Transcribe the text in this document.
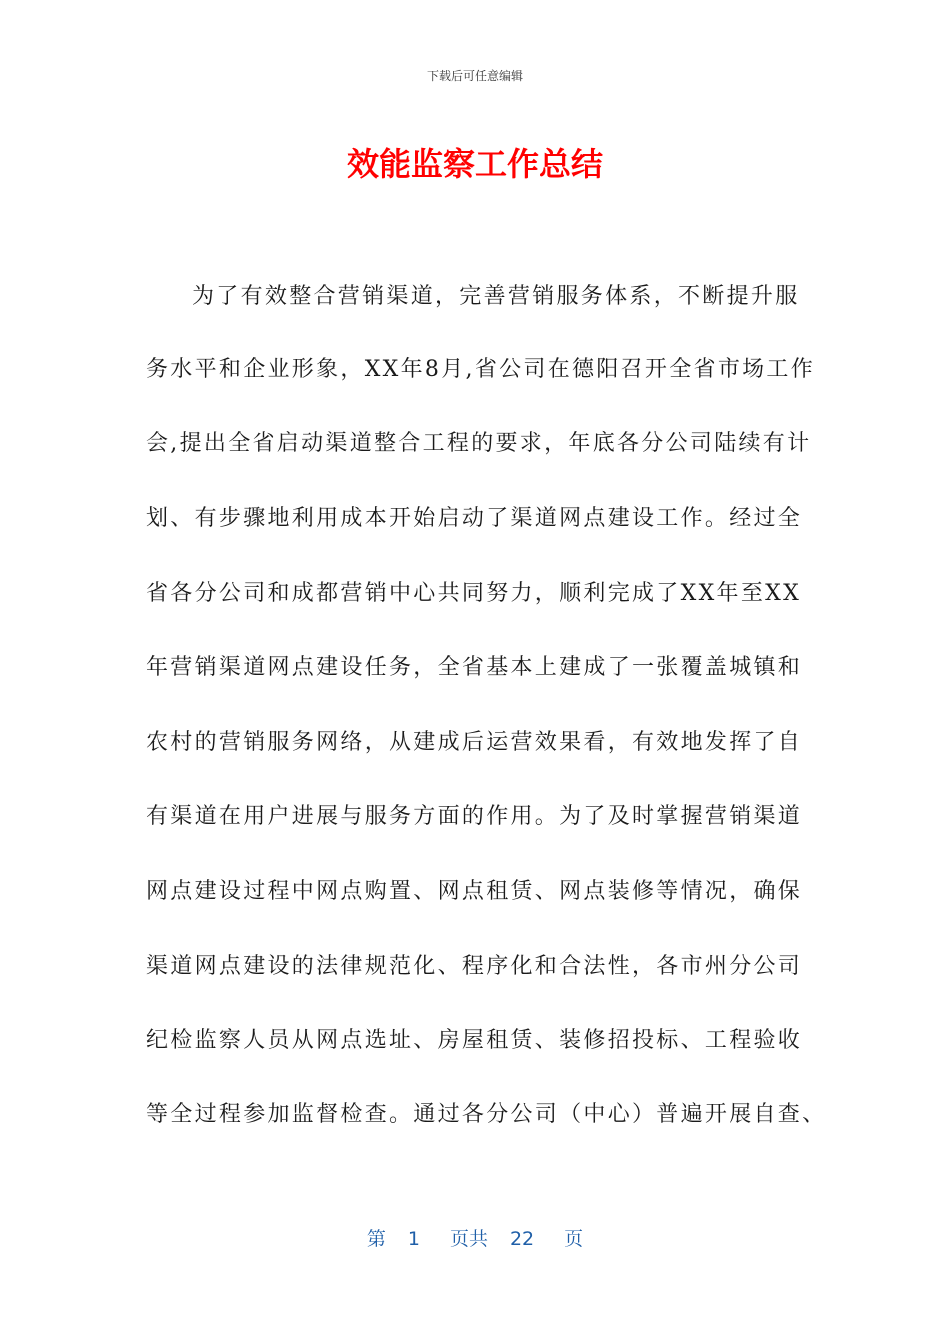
下载后可任意编辑
效能监察工作总结
为了有效整合营销渠道，完善营销服务体系，不断提升服
务水平和企业形象，XX年8月,省公司在德阳召开全省市场工作
会,提出全省启动渠道整合工程的要求，年底各分公司陆续有计
划、有步骤地利用成本开始启动了渠道网点建设工作。经过全
省各分公司和成都营销中心共同努力，顺利完成了XX年至XX
年营销渠道网点建设任务，全省基本上建成了一张覆盖城镇和
农村的营销服务网络，从建成后运营效果看，有效地发挥了自
有渠道在用户进展与服务方面的作用。为了及时掌握营销渠道
网点建设过程中网点购置、网点租赁、网点装修等情况，确保
渠道网点建设的法律规范化、程序化和合法性，各市州分公司
纪检监察人员从网点选址、房屋租赁、装修招投标、工程验收
等全过程参加监督检查。通过各分公司（中心）普遍开展自查、
第 1 页共 22 页
